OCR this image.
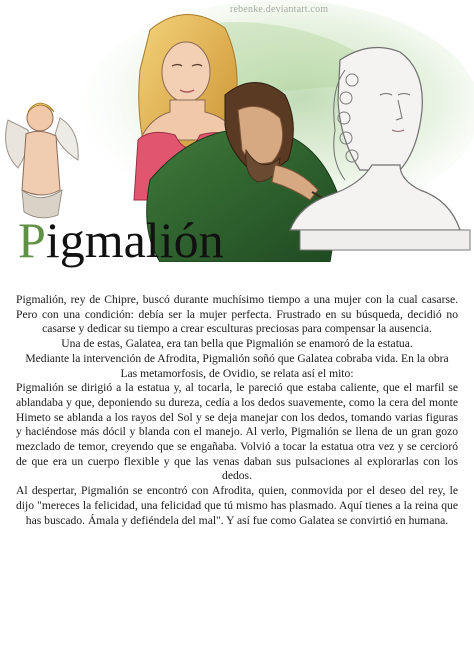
Pigmalión

Pigmalión, rey de Chipre, buscó durante muchísimo tiempo a una mujer con la cual casarse. Pero con una condición: debía ser la mujer perfecta. Frustrado en su búsqueda, decidió no casarse y dedicar su tiempo a crear esculturas preciosas para compensar la ausencia.

Una de estas, Galatea, era tan bella que Pigmalión se enamoró de la estatua.

Mediante la intervención de Afrodita, Pigmalión soñó que Galatea cobraba vida. En la obra Las metamorfosis, de Ovidio, se relata así el mito:

Pigmalión se dirigió a la estatua y, al tocarla, le pareció que estaba caliente, que el marfil se ablandaba y que, deponiendo su dureza, cedía a los dedos suavemente, como la cera del monte Himeto se ablanda a los rayos del Sol y se deja manejar con los dedos, tomando varias figuras y haciéndose más dócil y blanda con el manejo. Al verlo, Pigmalión se llena de un gran gozo mezclado de temor, creyendo que se engañaba. Volvió a tocar la estatua otra vez y se cercioró de que era un cuerpo flexible y que las venas daban sus pulsaciones al explorarlas con los dedos.

Al despertar, Pigmalión se encontró con Afrodita, quien, conmovida por el deseo del rey, le dijo "mereces la felicidad, una felicidad que tú mismo has plasmado. Aquí tienes a la reina que has buscado. Ámala y defiéndela del mal". Y así fue como Galatea se convirtió en humana.
